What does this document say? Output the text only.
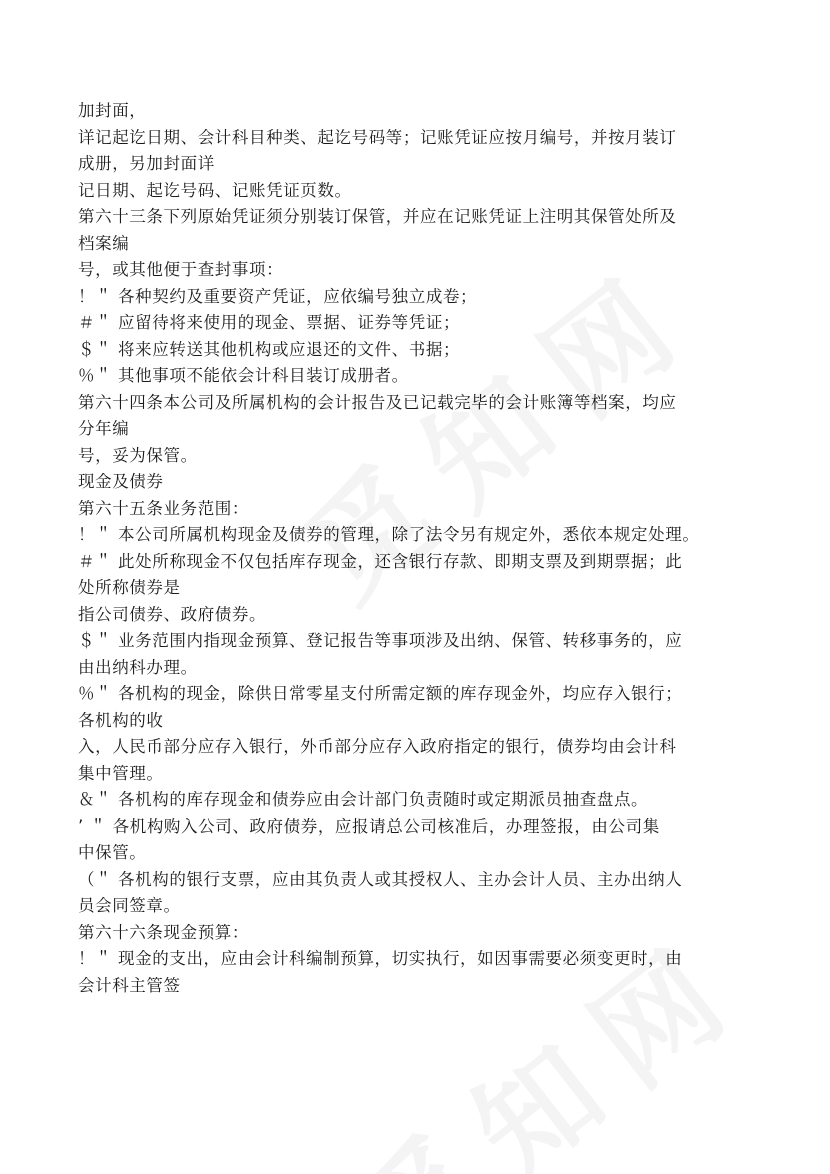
加封面，
详记起讫日期、会计科目种类、起讫号码等；记账凭证应按月编号，并按月装订
成册，另加封面详
记日期、起讫号码、记账凭证页数。
第六十三条下列原始凭证须分别装订保管，并应在记账凭证上注明其保管处所及
档案编
号，或其他便于查封事项：
！＂ 各种契约及重要资产凭证，应依编号独立成卷；
＃＂ 应留待将来使用的现金、票据、证券等凭证；
＄＂ 将来应转送其他机构或应退还的文件、书据；
％＂ 其他事项不能依会计科目装订成册者。
第六十四条本公司及所属机构的会计报告及已记载完毕的会计账簿等档案，均应
分年编
号，妥为保管。
现金及债券
第六十五条业务范围：
！＂ 本公司所属机构现金及债券的管理，除了法令另有规定外，悉依本规定处理。
＃＂ 此处所称现金不仅包括库存现金，还含银行存款、即期支票及到期票据；此
处所称债券是
指公司债券、政府债券。
＄＂ 业务范围内指现金预算、登记报告等事项涉及出纳、保管、转移事务的，应
由出纳科办理。
％＂ 各机构的现金，除供日常零星支付所需定额的库存现金外，均应存入银行；
各机构的收
入，人民币部分应存入银行，外币部分应存入政府指定的银行，债券均由会计科
集中管理。
＆＂ 各机构的库存现金和债券应由会计部门负责随时或定期派员抽查盘点。
’ ＂ 各机构购入公司、政府债券，应报请总公司核准后，办理签报，由公司集
中保管。
（＂ 各机构的银行支票，应由其负责人或其授权人、主办会计人员、主办出纳人
员会同签章。
第六十六条现金预算：
！＂ 现金的支出，应由会计科编制预算，切实执行，如因事需要必须变更时，由
会计科主管签
